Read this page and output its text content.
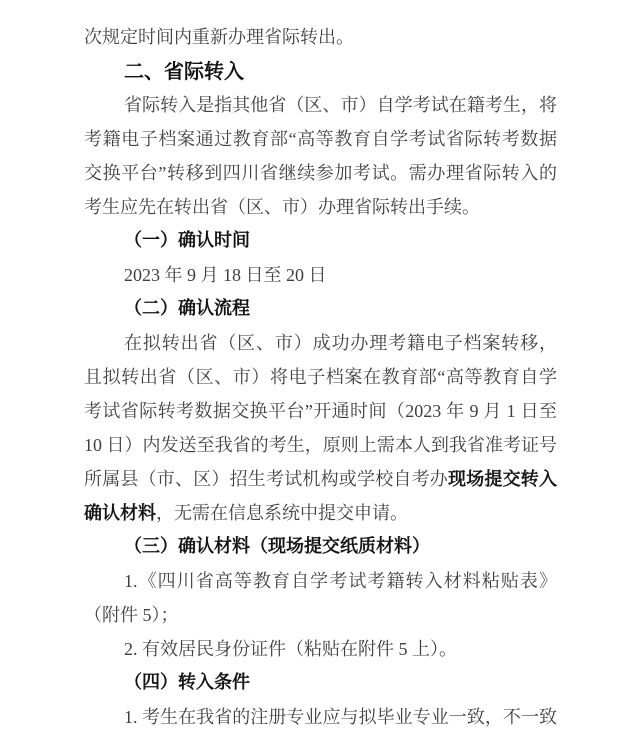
次规定时间内重新办理省际转出。
二、省际转入
省际转入是指其他省（区、市）自学考试在籍考生，将
考籍电子档案通过教育部“高等教育自学考试省际转考数据
交换平台”转移到四川省继续参加考试。需办理省际转入的
考生应先在转出省（区、市）办理省际转出手续。
（一）确认时间
2023 年 9 月 18 日至 20 日
（二）确认流程
在拟转出省（区、市）成功办理考籍电子档案转移，
且拟转出省（区、市）将电子档案在教育部“高等教育自学
考试省际转考数据交换平台”开通时间（2023 年 9 月 1 日至
10 日）内发送至我省的考生，原则上需本人到我省准考证号
所属县（市、区）招生考试机构或学校自考办现场提交转入
确认材料，无需在信息系统中提交申请。
（三）确认材料（现场提交纸质材料）
1.《四川省高等教育自学考试考籍转入材料粘贴表》
（附件 5）；
2. 有效居民身份证件（粘贴在附件 5 上）。
（四）转入条件
1. 考生在我省的注册专业应与拟毕业专业一致，不一致
